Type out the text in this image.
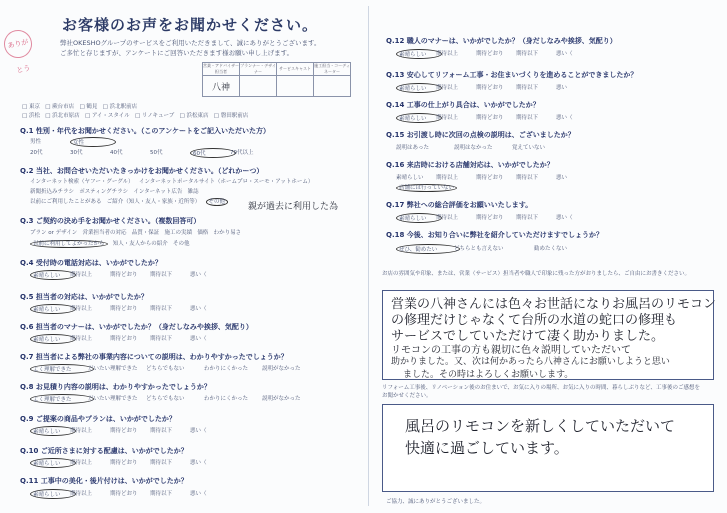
お客様のお声をお聞かせください。
ありがとう
弊社OKESHOグループのサービスをご利用いただきまして、誠にありがとうございます。
ご多忙と存じますが、アンケートにご回答いただきます様お願い申し上げます。
営業・アドバイザー担当者	プランナー・デザイナー	サービスキャスト	施工担当・コーディネーター
八神			
□ 東京 □ 蕨台市店 □ 鶴見 □ 浜北駅前店
□ 浜松 □ 浜北市原店 □ アイ・スタイル □ リノキューブ □ 浜松東店 □ 磐田駅前店
Q.1 性別・年代をお聞かせください。（このアンケートをご記入いただいた方）
男性	女性
20代	30代	40代	50代	60代	70代以上
Q.2 当社、お問合せいただいたきっかけをお聞かせください。（どれかーつ）
インターネット検索（ヤフー・グーグル） インターネットポータルサイト（ホームプロ・スーモ・アットホーム）
新聞折込みチラシ ポスティングチラシ インターネット広告 雑誌
以前にご利用したことがある ご紹介（知人・友人・家族・近所等） その他	親が過去に利用した為
Q.3 ご契約の決め手をお聞かせください。（複数回答可）
プラン or デザイン 営業担当者の対応 品質・保証 施工の実績 価格 わかり易さ
以前に利用してよかったから 知人・友人からの紹介 その他
Q.4 受付時の電話対応は、いかがでしたか？
素晴らしい	期待以上	期待どおり	期待以下	悪い（
Q.5 担当者の対応は、いかがでしたか？
素晴らしい	期待以上	期待どおり	期待以下	悪い（
Q.6 担当者のマナーは、いかがでしたか？（身だしなみや挨拶、気配り）
素晴らしい	期待以上	期待どおり	期待以下	悪い（
Q.7 担当者による弊社の事業内容についての説明は、わかりやすかったでしょうか？
よく理解できた	だいたい理解できた	どちらでもない	わかりにくかった	説明がなかった
Q.8 お見積り内容の説明は、わかりやすかったでしょうか？
よく理解できた	だいたい理解できた	どちらでもない	わかりにくかった	説明がなかった
Q.9 ご提案の商品やプランは、いかがでしたか？
素晴らしい	期待以上	期待どおり	期待以下	悪い（
Q.10 ご近所さまに対する配慮は、いかがでしたか？
素晴らしい	期待以上	期待どおり	期待以下	悪い（
Q.11 工事中の美化・後片付けは、いかがでしたか？
素晴らしい	期待以上	期待どおり	期待以下	悪い（
Q.12 職人のマナーは、いかがでしたか？（身だしなみや挨拶、気配り）
素晴らしい	期待以上	期待どおり	期待以下	悪い（
Q.13 安心してリフォーム工事・お住まいづくりを進めることができましたか？
素晴らしい	期待以上	期待どおり	期待以下	悪い
Q.14 工事の仕上がり具合は、いかがでしたか？
素晴らしい	期待以上	期待どおり	期待以下	悪い（
Q.15 お引渡し時に次回の点検の説明は、ございましたか？
説明はあった	説明はなかった	覚えていない
Q.16 来店時における店舗対応は、いかがでしたか？
素晴らしい	期待以上	期待どおり	期待以下	悪い
店舗には行っていない
Q.17 弊社への総合評価をお願いいたします。
素晴らしい	期待以上	期待どおり	期待以下	悪い（
Q.18 今後、お知り合いに弊社を紹介していただけますでしょうか？
ぜひ、勧めたい	どちらとも言えない	勧めたくない
お店の雰囲気や印象、または、営業（サービス）担当者や職人で印象に残った方がおりましたら、ご自由にお書きください。
営業の八神さんには色々お世話になりお風呂のリモコン
の修理だけじゃなくて台所の水道の蛇口の修理も
サービスでしていただけて凄く助かりました。
リモコンの工事の方も親切に色々説明していただいて
助かりました。又、次は何かあったら八神さんにお願いしようと思い
ました。その時はよろしくお願いします。
リフォーム工事後、リノベーション後のお住まいで、お気に入りの場所、お気に入りの時間、暮らしぶりなど、工事後のご感想をお聞かせください。
風呂のリモコンを新しくしていただいて
快適に過ごしています。
ご協力、誠にありがとうございました。
